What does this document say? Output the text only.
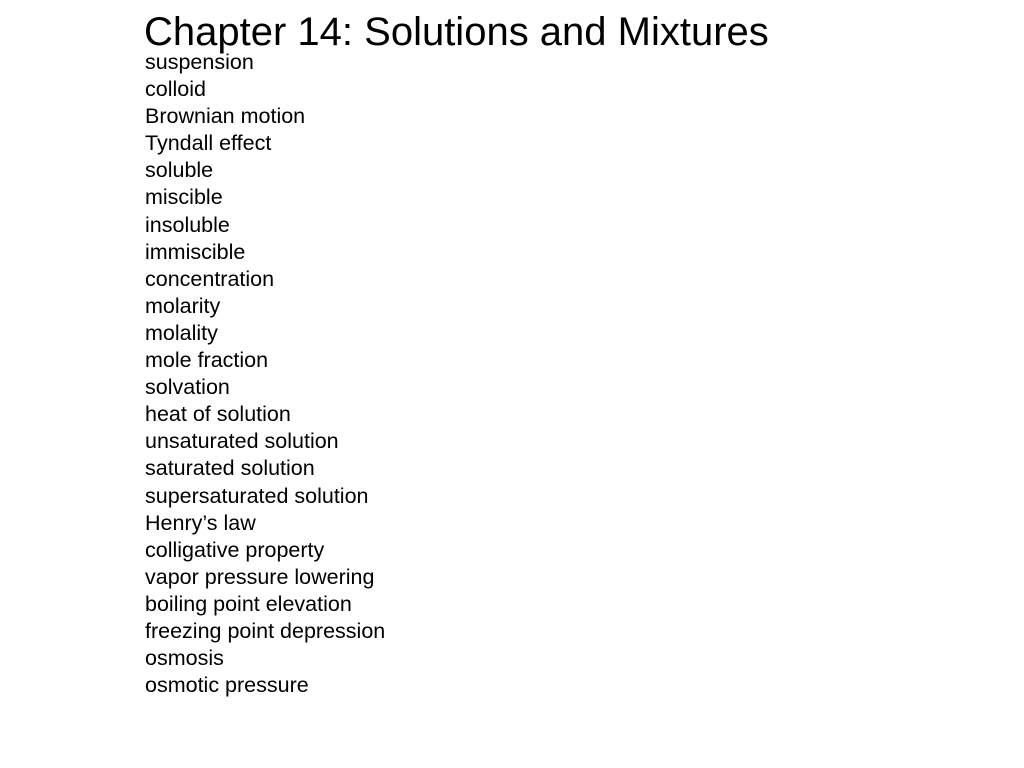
Chapter 14: Solutions and Mixtures
suspension
colloid
Brownian motion
Tyndall effect
soluble
miscible
insoluble
immiscible
concentration
molarity
molality
mole fraction
solvation
heat of solution
unsaturated solution
saturated solution
supersaturated solution
Henry’s law
colligative property
vapor pressure lowering
boiling point elevation
freezing point depression
osmosis
osmotic pressure
